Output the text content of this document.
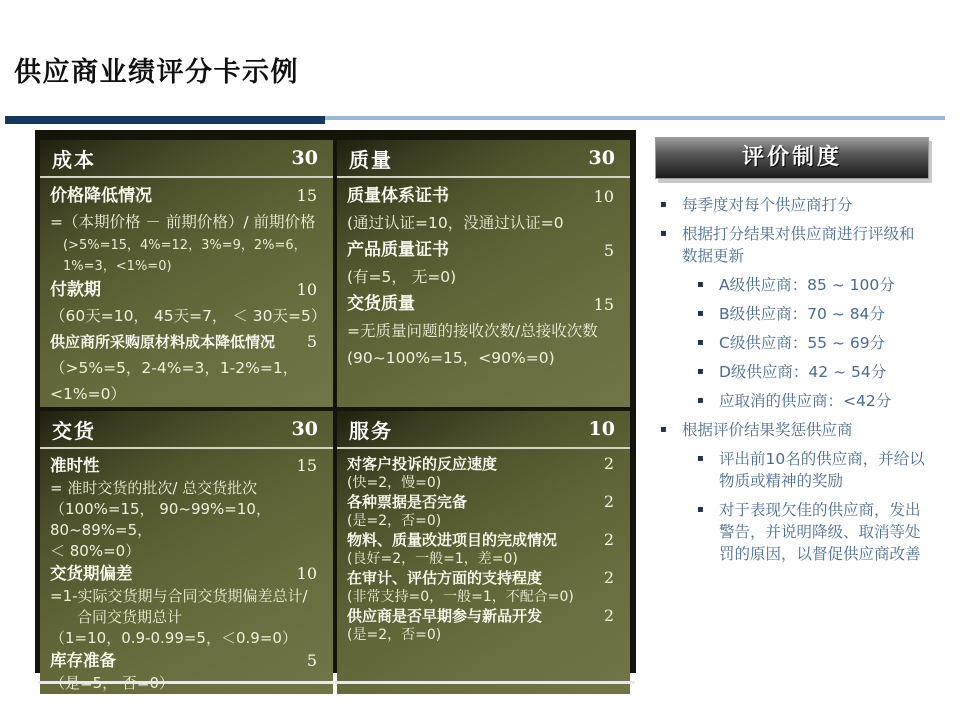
供应商业绩评分卡示例
成本	30
价格降低情况	15
=（本期价格 － 前期价格）/ 前期价格
(>5%=15，4%=12，3%=9，2%=6，
1%=3，<1%=0)
付款期	10
（60天=10， 45天=7， ＜ 30天=5）
供应商所采购原材料成本降低情况	5
（>5%=5，2-4%=3，1-2%=1，<1%=0）
质量	30
质量体系证书	10
(通过认证=10，没通过认证=0
产品质量证书	5
(有=5， 无=0)
交货质量	15
=无质量问题的接收次数/总接收次数
(90~100%=15，<90%=0)
交货	30
准时性	15
= 准时交货的批次/ 总交货批次
（100%=15， 90~99%=10， 80~89%=5，
＜ 80%=0）
交货期偏差	10
=1-实际交货期与合同交货期偏差总计/
合同交货期总计
（1=10，0.9-0.99=5，＜0.9=0）
库存准备	5
服务	10
对客户投诉的反应速度	2
(快=2，慢=0)
各种票据是否完备	2
(是=2，否=0)
物料、质量改进项目的完成情况	2
(良好=2，一般=1，差=0)
在审计、评估方面的支持程度	2
(非常支持=0，一般=1，不配合=0)
供应商是否早期参与新品开发	2
(是=2，否=0)
评价制度
▪ 每季度对每个供应商打分
▪ 根据打分结果对供应商进行评级和数据更新
▪ A级供应商：85 ~ 100分
▪ B级供应商：70 ~ 84分
▪ C级供应商：55 ~ 69分
▪ D级供应商：42 ~ 54分
▪ 应取消的供应商：<42分
▪ 根据评价结果奖惩供应商
▪ 评出前10名的供应商，并给以物质或精神的奖励
▪ 对于表现欠佳的供应商，发出警告，并说明降级、取消等处罚的原因，以督促供应商改善
